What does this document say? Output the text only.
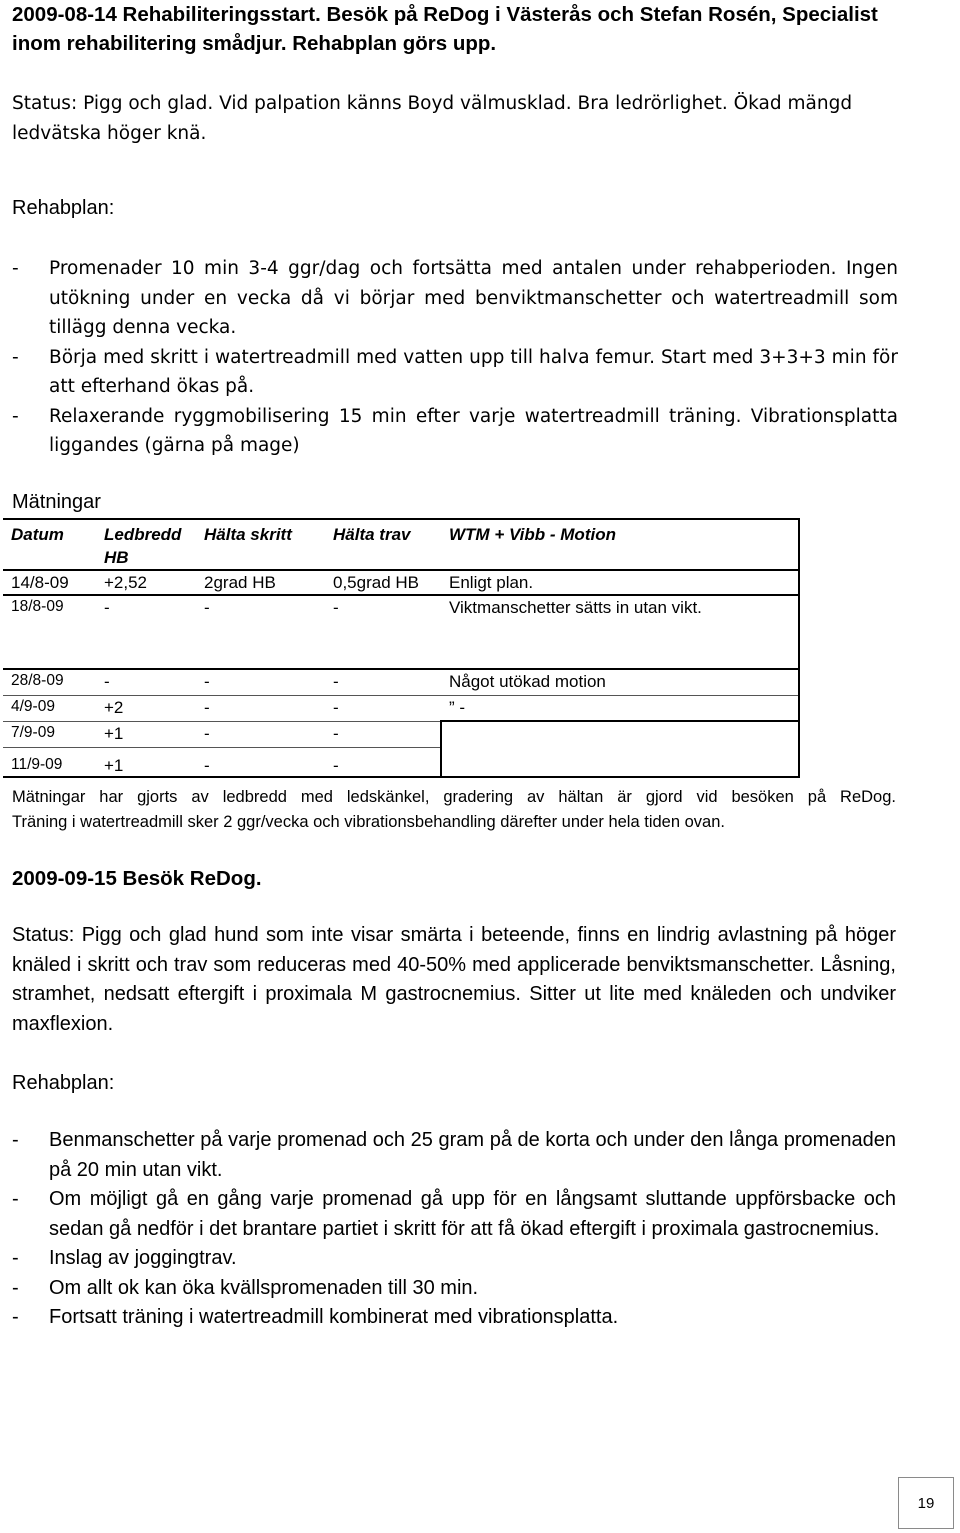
2009-08-14 Rehabiliteringsstart. Besök på ReDog i Västerås och Stefan Rosén, Specialist inom rehabilitering smådjur. Rehabplan görs upp.

Status: Pigg och glad. Vid palpation känns Boyd välmusklad. Bra ledrörlighet. Ökad mängd ledvätska höger knä.

Rehabplan:

- Promenader 10 min 3-4 ggr/dag och fortsätta med antalen under rehabperioden. Ingen utökning under en vecka då vi börjar med benviktmanschetter och watertreadmill som tillägg denna vecka.
- Börja med skritt i watertreadmill med vatten upp till halva femur. Start med 3+3+3 min för att efterhand ökas på.
- Relaxerande ryggmobilisering 15 min efter varje watertreadmill träning. Vibrationsplatta liggandes (gärna på mage)

Mätningar

Datum	Ledbredd HB	Hälta skritt	Hälta trav	WTM + Vibb - Motion
14/8-09	+2,52	2grad HB	0,5grad HB	Enligt plan.
18/8-09	-	-	-	Viktmanschetter sätts in utan vikt.
28/8-09	-	-	-	Något utökad motion
4/9-09	+2	-	-	” -
7/9-09	+1	-	-	
11/9-09	+1	-	-	
Mätningar har gjorts av ledbredd med ledskänkel, gradering av hältan är gjord vid besöken på ReDog.
Träning i watertreadmill sker 2 ggr/vecka och vibrationsbehandling därefter under hela tiden ovan.

2009-09-15 Besök ReDog.

Status: Pigg och glad hund som inte visar smärta i beteende, finns en lindrig avlastning på höger knäled i skritt och trav som reduceras med 40-50% med applicerade benviktsmanschetter. Låsning, stramhet, nedsatt eftergift i proximala M gastrocnemius. Sitter ut lite med knäleden och undviker maxflexion.

Rehabplan:

- Benmanschetter på varje promenad och 25 gram på de korta och under den långa promenaden på 20 min utan vikt.
- Om möjligt gå en gång varje promenad gå upp för en långsamt sluttande uppförsbacke och sedan gå nedför i det brantare partiet i skritt för att få ökad eftergift i proximala gastrocnemius.
- Inslag av joggingtrav.
- Om allt ok kan öka kvällspromenaden till 30 min.
- Fortsatt träning i watertreadmill kombinerat med vibrationsplatta.
19
